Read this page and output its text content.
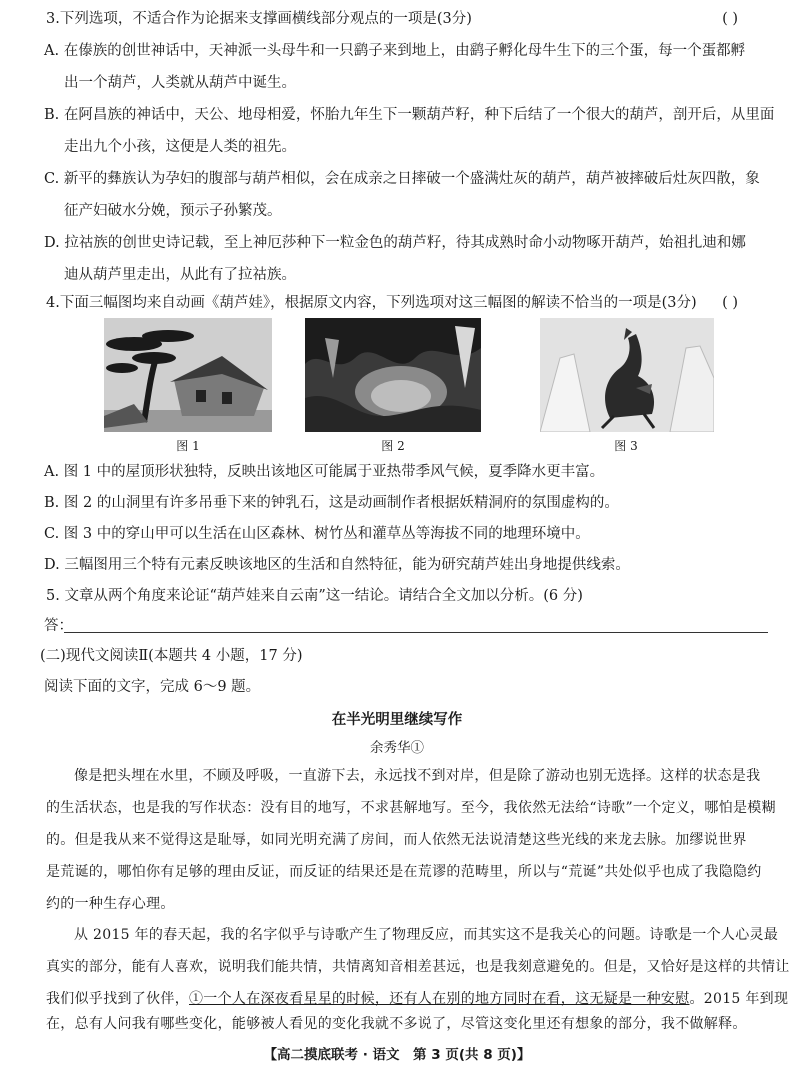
3.下列选项，不适合作为论据来支撑画横线部分观点的一项是(3分)	( )
A. 在傣族的创世神话中，天神派一头母牛和一只鹞子来到地上，由鹞子孵化母牛生下的三个蛋，每一个蛋都孵
出一个葫芦，人类就从葫芦中诞生。
B. 在阿昌族的神话中，天公、地母相爱，怀胎九年生下一颗葫芦籽，种下后结了一个很大的葫芦，剖开后，从里面
走出九个小孩，这便是人类的祖先。
C. 新平的彝族认为孕妇的腹部与葫芦相似，会在成亲之日摔破一个盛满灶灰的葫芦，葫芦被摔破后灶灰四散，象
征产妇破水分娩，预示子孙繁茂。
D. 拉祜族的创世史诗记载，至上神厄莎种下一粒金色的葫芦籽，待其成熟时命小动物啄开葫芦，始祖扎迪和娜
迪从葫芦里走出，从此有了拉祜族。
4.下面三幅图均来自动画《葫芦娃》，根据原文内容，下列选项对这三幅图的解读不恰当的一项是(3分) ( )
图 1	图 2	图 3
A. 图 1 中的屋顶形状独特，反映出该地区可能属于亚热带季风气候，夏季降水更丰富。
B. 图 2 的山洞里有许多吊垂下来的钟乳石，这是动画制作者根据妖精洞府的氛围虚构的。
C. 图 3 中的穿山甲可以生活在山区森林、树竹丛和灌草丛等海拔不同的地理环境中。
D. 三幅图用三个特有元素反映该地区的生活和自然特征，能为研究葫芦娃出身地提供线索。
5. 文章从两个角度来论证“葫芦娃来自云南”这一结论。请结合全文加以分析。(6 分)
答：
(二)现代文阅读Ⅱ(本题共 4 小题，17 分)
阅读下面的文字，完成 6～9 题。
在半光明里继续写作
余秀华①
像是把头埋在水里，不顾及呼吸，一直游下去，永远找不到对岸，但是除了游动也别无选择。这样的状态是我
的生活状态，也是我的写作状态：没有目的地写，不求甚解地写。至今，我依然无法给“诗歌”一个定义，哪怕是模糊
的。但是我从来不觉得这是耻辱，如同光明充满了房间，而人依然无法说清楚这些光线的来龙去脉。加缪说世界
是荒诞的，哪怕你有足够的理由反证，而反证的结果还是在荒谬的范畴里，所以与“荒诞”共处似乎也成了我隐隐约
约的一种生存心理。
从 2015 年的春天起，我的名字似乎与诗歌产生了物理反应，而其实这不是我关心的问题。诗歌是一个人心灵最
真实的部分，能有人喜欢，说明我们能共情，共情离知音相差甚远，也是我刻意避免的。但是，又恰好是这样的共情让
我们似乎找到了伙伴，①一个人在深夜看星星的时候，还有人在别的地方同时在看，这无疑是一种安慰。2015 年到现
在，总有人问我有哪些变化，能够被人看见的变化我就不多说了，尽管这变化里还有想象的部分，我不做解释。
【高二摸底联考 · 语文　第 3 页(共 8 页)】
